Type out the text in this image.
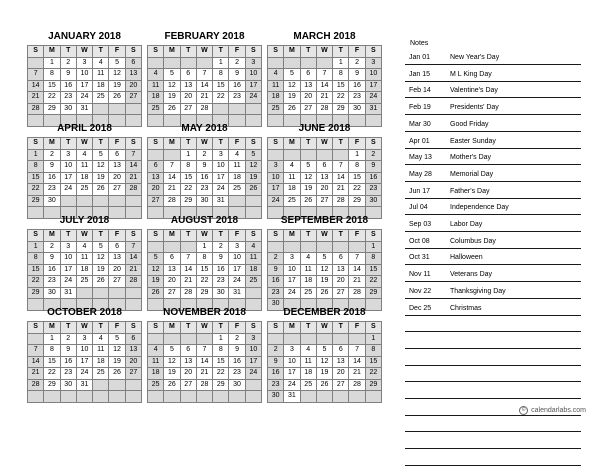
JANUARY 2018
S	M	T	W	T	F	S
	1	2	3	4	5	6
7	8	9	10	11	12	13
14	15	16	17	18	19	20
21	22	23	24	25	26	27
28	29	30	31			

FEBRUARY 2018
S	M	T	W	T	F	S
				1	2	3
4	5	6	7	8	9	10
11	12	13	14	15	16	17
18	19	20	21	22	23	24
25	26	27	28			

MARCH 2018
S	M	T	W	T	F	S
				1	2	3
4	5	6	7	8	9	10
11	12	13	14	15	16	17
18	19	20	21	22	23	24
25	26	27	28	29	30	31

APRIL 2018
S	M	T	W	T	F	S
1	2	3	4	5	6	7
8	9	10	11	12	13	14
15	16	17	18	19	20	21
22	23	24	25	26	27	28
29	30					

MAY 2018
S	M	T	W	T	F	S
		1	2	3	4	5
6	7	8	9	10	11	12
13	14	15	16	17	18	19
20	21	22	23	24	25	26
27	28	29	30	31		

JUNE 2018
S	M	T	W	T	F	S
					1	2
3	4	5	6	7	8	9
10	11	12	13	14	15	16
17	18	19	20	21	22	23
24	25	26	27	28	29	30

JULY 2018
S	M	T	W	T	F	S
1	2	3	4	5	6	7
8	9	10	11	12	13	14
15	16	17	18	19	20	21
22	23	24	25	26	27	28
29	30	31				

AUGUST 2018
S	M	T	W	T	F	S
			1	2	3	4
5	6	7	8	9	10	11
12	13	14	15	16	17	18
19	20	21	22	23	24	25
26	27	28	29	30	31	

SEPTEMBER 2018
S	M	T	W	T	F	S
						1
2	3	4	5	6	7	8
9	10	11	12	13	14	15
16	17	18	19	20	21	22
23	24	25	26	27	28	29
30						
OCTOBER 2018
S	M	T	W	T	F	S
	1	2	3	4	5	6
7	8	9	10	11	12	13
14	15	16	17	18	19	20
21	22	23	24	25	26	27
28	29	30	31			

NOVEMBER 2018
S	M	T	W	T	F	S
				1	2	3
4	5	6	7	8	9	10
11	12	13	14	15	16	17
18	19	20	21	22	23	24
25	26	27	28	29	30	

DECEMBER 2018
S	M	T	W	T	F	S
						1
2	3	4	5	6	7	8
9	10	11	12	13	14	15
16	17	18	19	20	21	22
23	24	25	26	27	28	29
30	31					
Notes
Jan 01	New Year's Day
Jan 15	M L King Day
Feb 14	Valentine's Day
Feb 19	Presidents' Day
Mar 30	Good Friday
Apr 01	Easter Sunday
May 13	Mother's Day
May 28	Memorial Day
Jun 17	Father's Day
Jul 04	Independence Day
Sep 03	Labor Day
Oct 08	Columbus Day
Oct 31	Halloween
Nov 11	Veterans Day
Nov 22	Thanksgiving Day
Dec 25	Christmas
© calendarlabs.com
